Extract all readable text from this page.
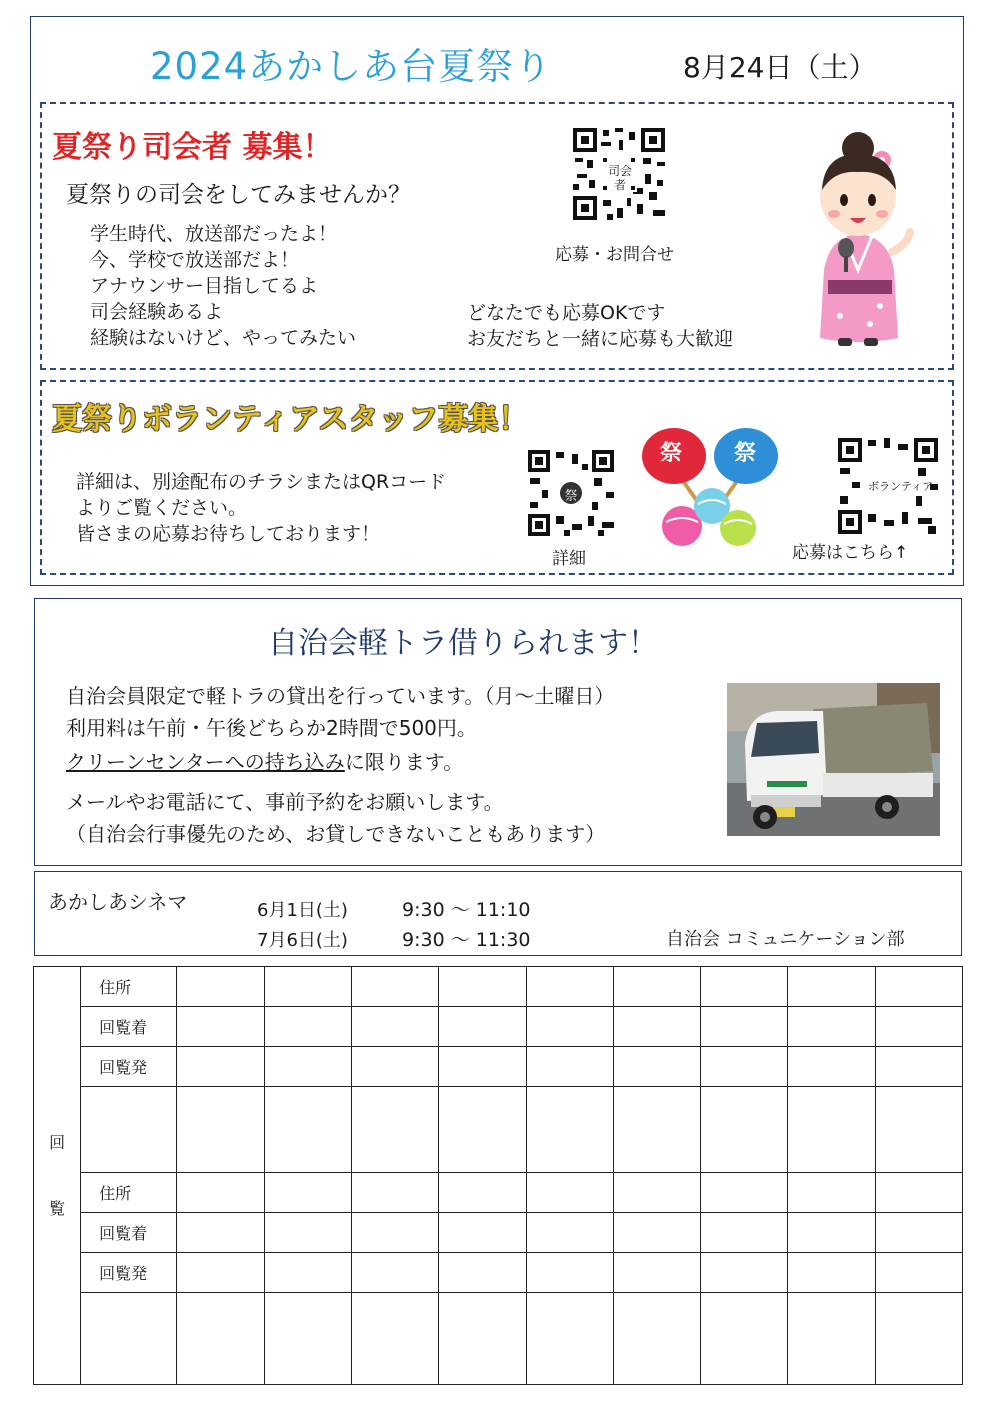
2024あかしあ台夏祭り	8月24日（土）
夏祭り司会者 募集！
夏祭りの司会をしてみませんか？
学生時代、放送部だったよ！
今、学校で放送部だよ！
アナウンサー目指してるよ
司会経験あるよ
経験はないけど、やってみたい
どなたでも応募OKです
お友だちと一緒に応募も大歓迎
司会者
応募・お問合せ
夏祭りボランティアスタッフ募集！
詳細は、別途配布のチラシまたはQRコード
よりご覧ください。
皆さまの応募お待ちしております！
祭
詳細
祭 祭
ボランティア
応募はこちら↑
自治会軽トラ借りられます！
自治会員限定で軽トラの貸出を行っています。（月～土曜日）
利用料は午前・午後どちらか2時間で500円。
クリーンセンターへの持ち込みに限ります。
メールやお電話にて、事前予約をお願いします。
（自治会行事優先のため、お貸しできないこともあります）
あかしあシネマ	6月1日(土)	9:30 ～ 11:10
7月6日(土)	9:30 ～ 11:30	自治会 コミュニケーション部
回
覧	住所									
	回覧着									
	回覧発									

	住所									
	回覧着									
	回覧発									
